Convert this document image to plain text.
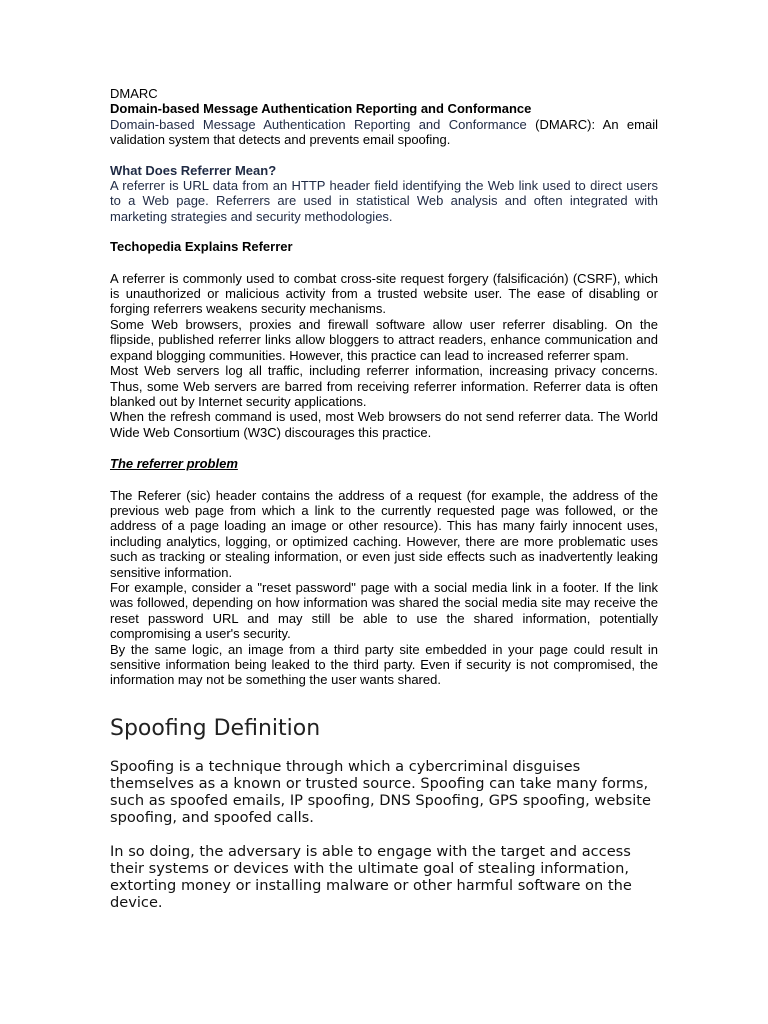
DMARC

Domain-based Message Authentication Reporting and Conformance

Domain-based Message Authentication Reporting and Conformance (DMARC): An email validation system that detects and prevents email spoofing.

What Does Referrer Mean?

A referrer is URL data from an HTTP header field identifying the Web link used to direct users to a Web page. Referrers are used in statistical Web analysis and often integrated with marketing strategies and security methodologies.

Techopedia Explains Referrer

A referrer is commonly used to combat cross-site request forgery (falsificación) (CSRF), which is unauthorized or malicious activity from a trusted website user. The ease of disabling or forging referrers weakens security mechanisms.

Some Web browsers, proxies and firewall software allow user referrer disabling. On the flipside, published referrer links allow bloggers to attract readers, enhance communication and expand blogging communities. However, this practice can lead to increased referrer spam.

Most Web servers log all traffic, including referrer information, increasing privacy concerns. Thus, some Web servers are barred from receiving referrer information. Referrer data is often blanked out by Internet security applications.

When the refresh command is used, most Web browsers do not send referrer data. The World Wide Web Consortium (W3C) discourages this practice.

The referrer problem

The Referer (sic) header contains the address of a request (for example, the address of the previous web page from which a link to the currently requested page was followed, or the address of a page loading an image or other resource). This has many fairly innocent uses, including analytics, logging, or optimized caching. However, there are more problematic uses such as tracking or stealing information, or even just side effects such as inadvertently leaking sensitive information.

For example, consider a "reset password" page with a social media link in a footer. If the link was followed, depending on how information was shared the social media site may receive the reset password URL and may still be able to use the shared information, potentially compromising a user's security.

By the same logic, an image from a third party site embedded in your page could result in sensitive information being leaked to the third party. Even if security is not compromised, the information may not be something the user wants shared.

Spoofing Definition

Spoofing is a technique through which a cybercriminal disguises themselves as a known or trusted source. Spoofing can take many forms, such as spoofed emails, IP spoofing, DNS Spoofing, GPS spoofing, website spoofing, and spoofed calls.

In so doing, the adversary is able to engage with the target and access their systems or devices with the ultimate goal of stealing information, extorting money or installing malware or other harmful software on the device.
